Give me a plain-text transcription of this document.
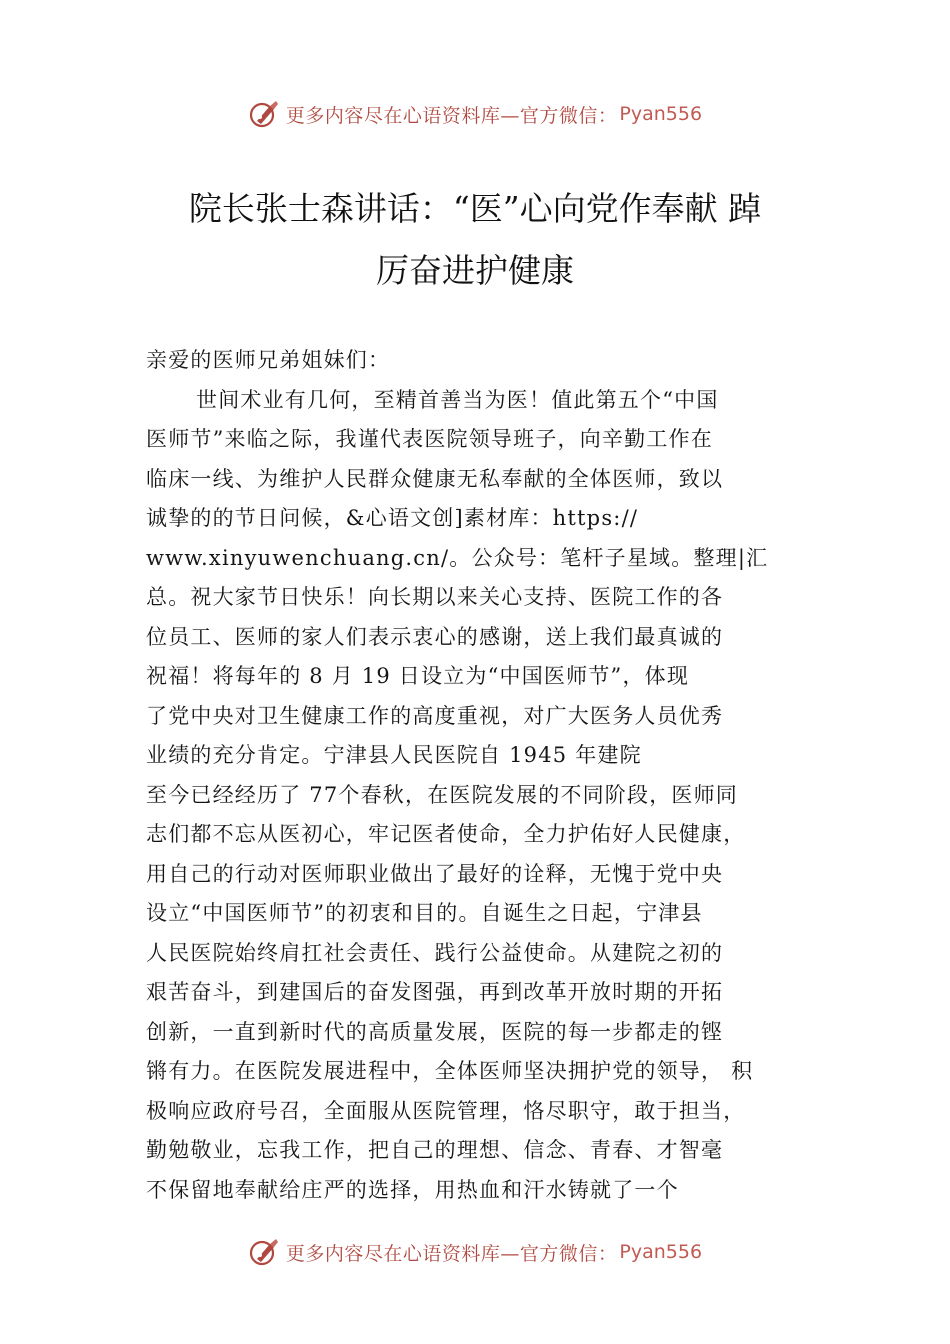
更多内容尽在心语资料库—官方微信： Pyan556
院长张士森讲话：“医”心向党作奉献 踔
厉奋进护健康
亲爱的医师兄弟姐妹们：
世间术业有几何，至精首善当为医！值此第五个“中国
医师节”来临之际，我谨代表医院领导班子，向辛勤工作在
临床一线、为维护人民群众健康无私奉献的全体医师，致以
诚挚的的节日问候，&心语文创]素材库：https://
www.xinyuwenchuang.cn/。公众号：笔杆子星域。整理|汇
总。祝大家节日快乐！向长期以来关心支持、医院工作的各
位员工、医师的家人们表示衷心的感谢，送上我们最真诚的
祝福！将每年的 8 月 19 日设立为“中国医师节”，体现
了党中央对卫生健康工作的高度重视，对广大医务人员优秀
业绩的充分肯定。宁津县人民医院自 1945 年建院
至今已经经历了 77个春秋，在医院发展的不同阶段，医师同
志们都不忘从医初心，牢记医者使命，全力护佑好人民健康，
用自己的行动对医师职业做出了最好的诠释，无愧于党中央
设立“中国医师节”的初衷和目的。自诞生之日起，宁津县
人民医院始终肩扛社会责任、践行公益使命。从建院之初的
艰苦奋斗，到建国后的奋发图强，再到改革开放时期的开拓
创新，一直到新时代的高质量发展，医院的每一步都走的铿
锵有力。在医院发展进程中，全体医师坚决拥护党的领导， 积
极响应政府号召，全面服从医院管理，恪尽职守，敢于担当，
勤勉敬业，忘我工作，把自己的理想、信念、青春、才智毫
不保留地奉献给庄严的选择，用热血和汗水铸就了一个
更多内容尽在心语资料库—官方微信： Pyan556
